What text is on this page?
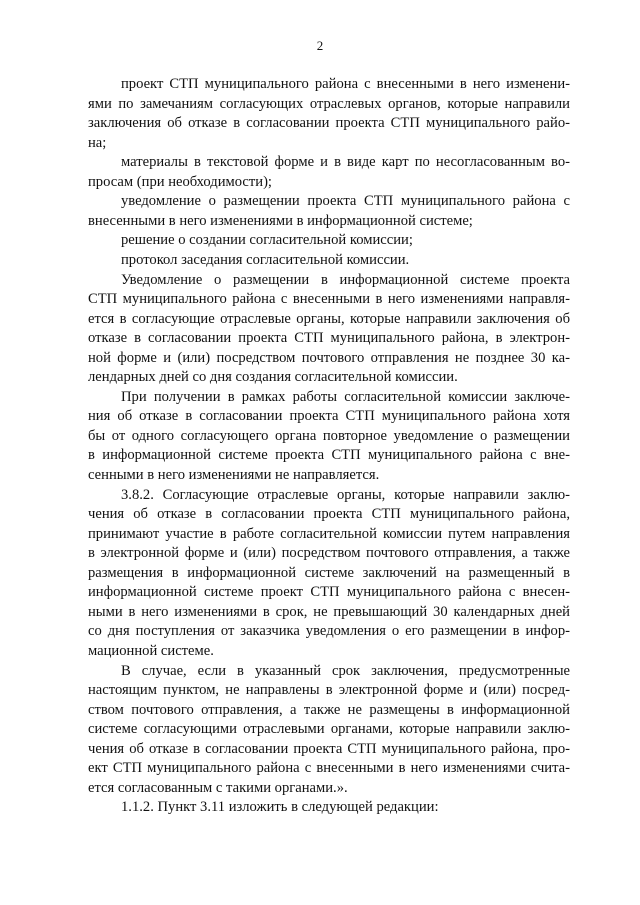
2
проект СТП муниципального района с внесенными в него изменени-
ями по замечаниям согласующих отраслевых органов, которые направили
заключения об отказе в согласовании проекта СТП муниципального райо-
на;
материалы в текстовой форме и в виде карт по несогласованным во-
просам (при необходимости);
уведомление о размещении проекта СТП муниципального района с
внесенными в него изменениями в информационной системе;
решение о создании согласительной комиссии;
протокол заседания согласительной комиссии.
Уведомление о размещении в информационной системе проекта
СТП муниципального района с внесенными в него изменениями направля-
ется в согласующие отраслевые органы, которые направили заключения об
отказе в согласовании проекта СТП муниципального района, в электрон-
ной форме и (или) посредством почтового отправления не позднее 30 ка-
лендарных дней со дня создания согласительной комиссии.
При получении в рамках работы согласительной комиссии заключе-
ния об отказе в согласовании проекта СТП муниципального района хотя
бы от одного согласующего органа повторное уведомление о размещении
в информационной системе проекта СТП муниципального района с вне-
сенными в него изменениями не направляется.
3.8.2. Согласующие отраслевые органы, которые направили заклю-
чения об отказе в согласовании проекта СТП муниципального района,
принимают участие в работе согласительной комиссии путем направления
в электронной форме и (или) посредством почтового отправления, а также
размещения в информационной системе заключений на размещенный в
информационной системе проект СТП муниципального района с внесен-
ными в него изменениями в срок, не превышающий 30 календарных дней
со дня поступления от заказчика уведомления о его размещении в инфор-
мационной системе.
В случае, если в указанный срок заключения, предусмотренные
настоящим пунктом, не направлены в электронной форме и (или) посред-
ством почтового отправления, а также не размещены в информационной
системе согласующими отраслевыми органами, которые направили заклю-
чения об отказе в согласовании проекта СТП муниципального района, про-
ект СТП муниципального района с внесенными в него изменениями счита-
ется согласованным с такими органами.».
1.1.2. Пункт 3.11 изложить в следующей редакции:
